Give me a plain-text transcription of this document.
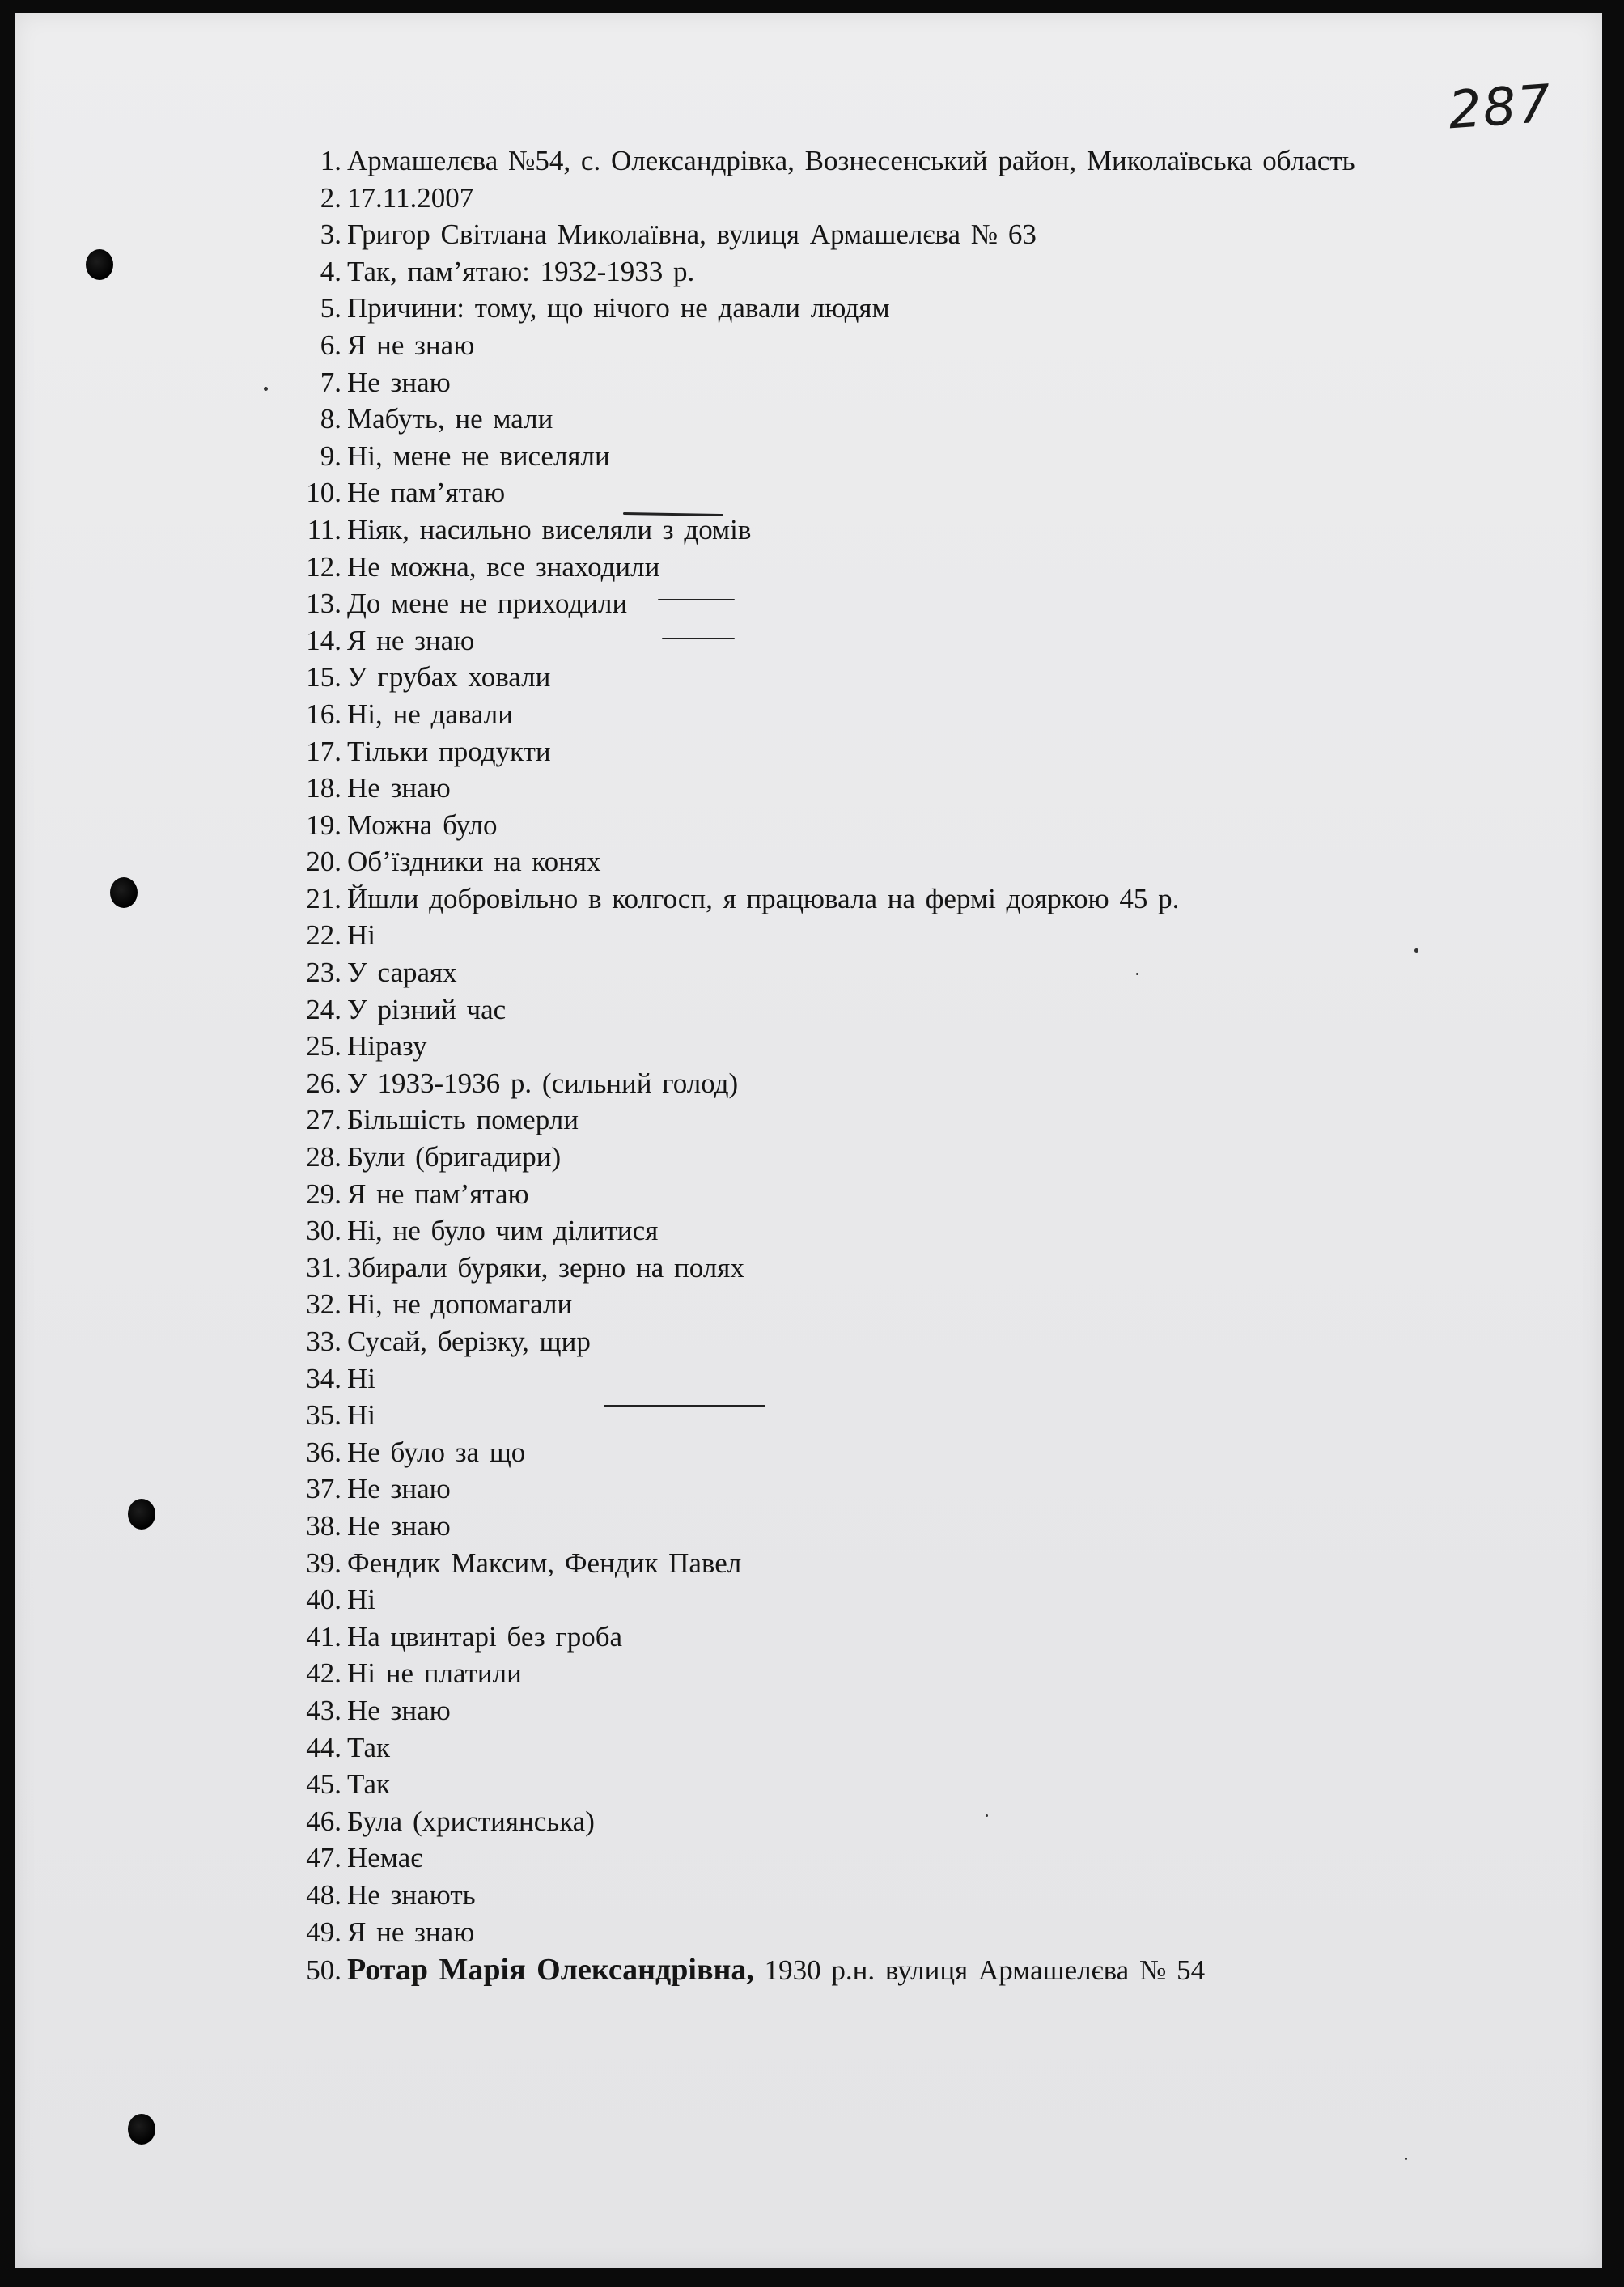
287
1. Армашелєва №54, с. Олександрівка, Вознесенський район, Миколаївська область
2. 17.11.2007
3. Григор Світлана Миколаївна, вулиця Армашелєва № 63
4. Так, пам’ятаю: 1932-1933 р.
5. Причини: тому, що нічого не давали людям
6. Я не знаю
7. Не знаю
8. Мабуть, не мали
9. Ні, мене не виселяли
10. Не пам’ятаю
11. Ніяк, насильно виселяли з домів
12. Не можна, все знаходили
13. До мене не приходили
14. Я не знаю
15. У грубах ховали
16. Ні, не давали
17. Тільки продукти
18. Не знаю
19. Можна було
20. Об’їздники на конях
21. Йшли добровільно в колгосп, я працювала на фермі дояркою 45 р.
22. Ні
23. У сараях
24. У різний час
25. Ніразу
26. У 1933-1936 р. (сильний голод)
27. Більшість померли
28. Були (бригадири)
29. Я не пам’ятаю
30. Ні, не було чим ділитися
31. Збирали буряки, зерно на полях
32. Ні, не допомагали
33. Сусай, берізку, щир
34. Ні
35. Ні
36. Не було за що
37. Не знаю
38. Не знаю
39. Фендик Максим, Фендик Павел
40. Ні
41. На цвинтарі без гроба
42. Ні не платили
43. Не знаю
44. Так
45. Так
46. Була (християнська)
47. Немає
48. Не знають
49. Я не знаю
50. Ротар Марія Олександрівна, 1930 р.н. вулиця Армашелєва № 54
